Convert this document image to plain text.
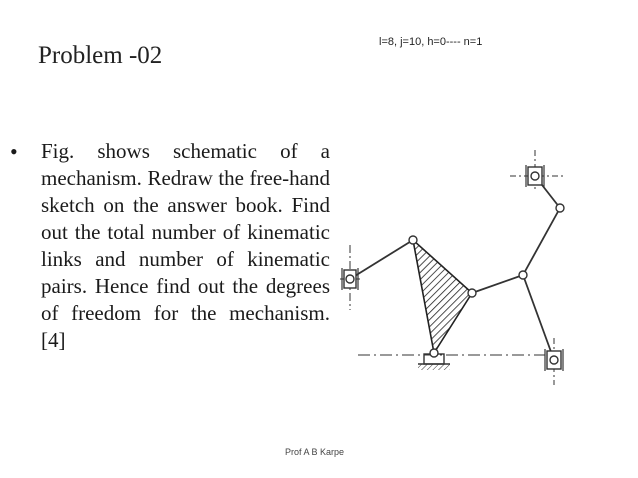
Problem -02	l=8, j=10, h=0---- n=1
• Fig. shows schematic of a mechanism. Redraw the free-hand sketch on the answer book. Find out the total number of kinematic links and number of kinematic pairs. Hence find out the degrees of freedom for the mechanism. [4]
Prof A B Karpe
